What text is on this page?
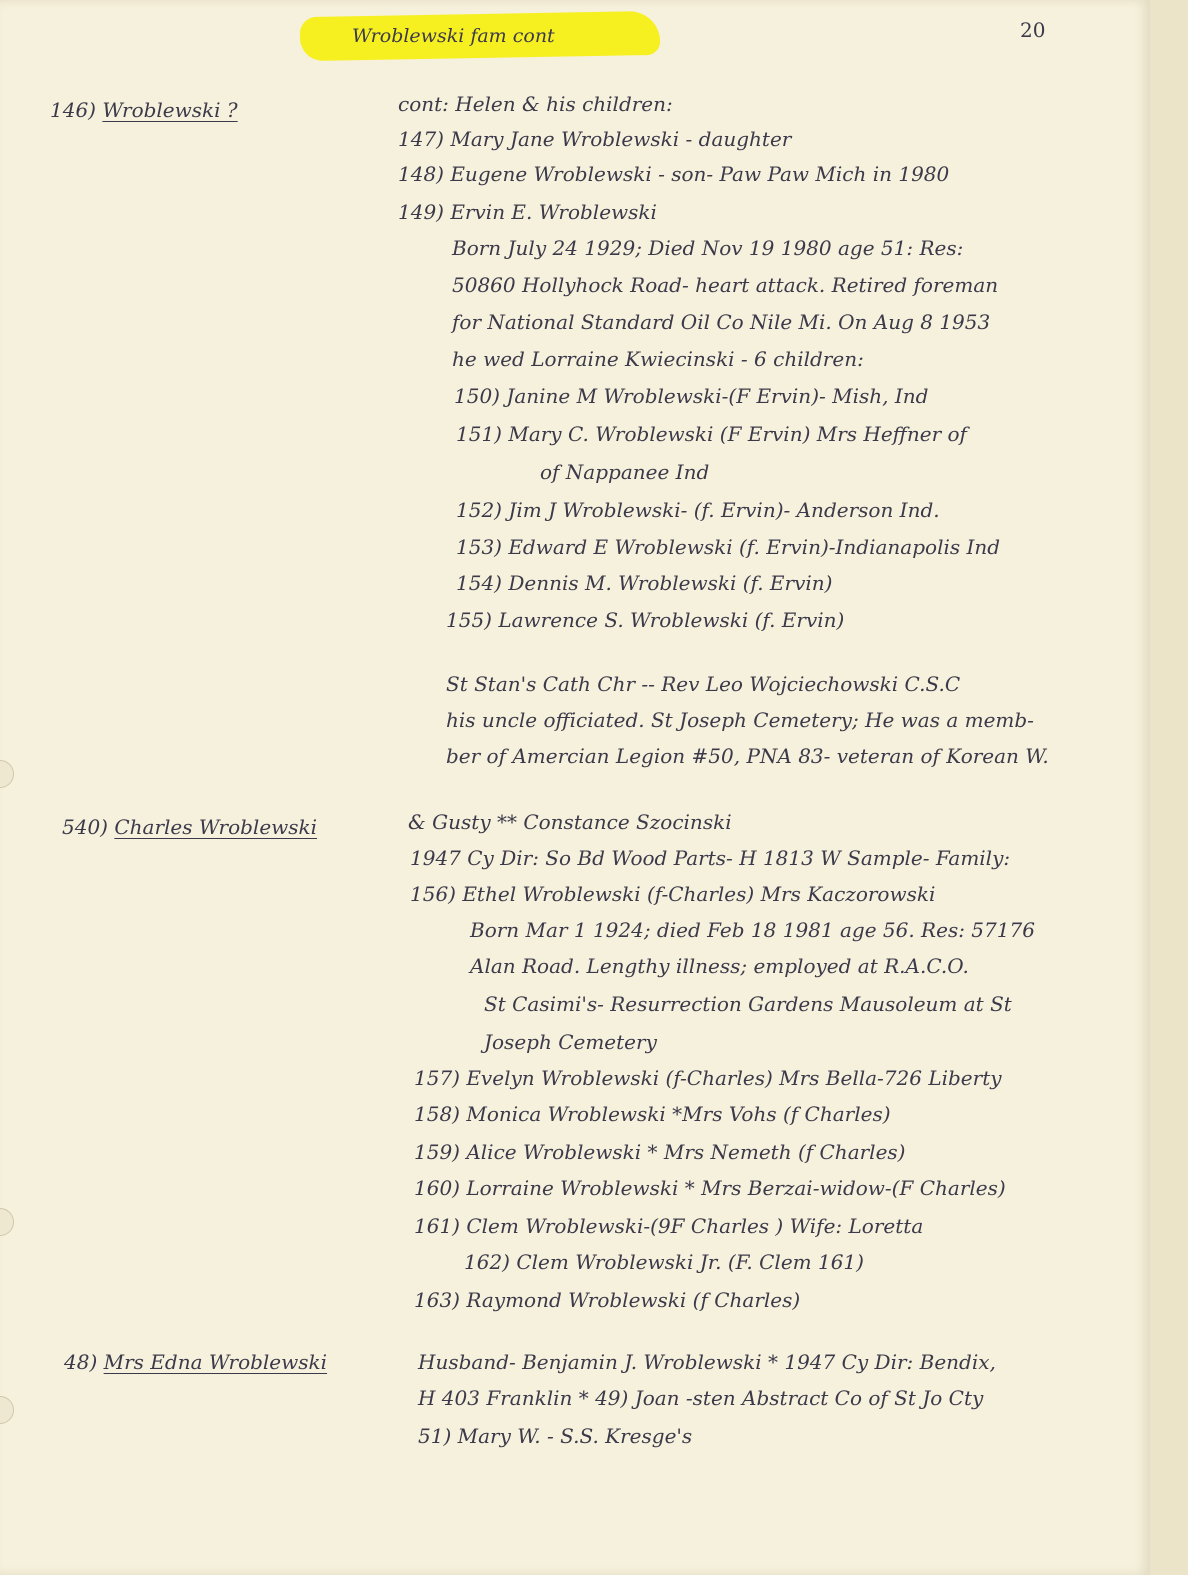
Wroblewski fam cont	20
146) Wroblewski ?
540) Charles Wroblewski
48) Mrs Edna Wroblewski
cont: Helen & his children:
147) Mary Jane Wroblewski - daughter
148) Eugene Wroblewski - son- Paw Paw Mich in 1980
149) Ervin E. Wroblewski
Born July 24 1929; Died Nov 19 1980 age 51: Res:
50860 Hollyhock Road- heart attack. Retired foreman
for National Standard Oil Co Nile Mi. On Aug 8 1953
he wed Lorraine Kwiecinski - 6 children:
150) Janine M Wroblewski-(F Ervin)- Mish, Ind
151) Mary C. Wroblewski (F Ervin) Mrs Heffner of
of Nappanee Ind
152) Jim J Wroblewski- (f. Ervin)- Anderson Ind.
153) Edward E Wroblewski (f. Ervin)-Indianapolis Ind
154) Dennis M. Wroblewski (f. Ervin)
155) Lawrence S. Wroblewski (f. Ervin)
St Stan's Cath Chr -- Rev Leo Wojciechowski C.S.C
his uncle officiated. St Joseph Cemetery; He was a memb-
ber of Amercian Legion #50, PNA 83- veteran of Korean W.
& Gusty ** Constance Szocinski
1947 Cy Dir: So Bd Wood Parts- H 1813 W Sample- Family:
156) Ethel Wroblewski (f-Charles) Mrs Kaczorowski
Born Mar 1 1924; died Feb 18 1981 age 56. Res: 57176
Alan Road. Lengthy illness; employed at R.A.C.O.
St Casimi's- Resurrection Gardens Mausoleum at St
Joseph Cemetery
157) Evelyn Wroblewski (f-Charles) Mrs Bella-726 Liberty
158) Monica Wroblewski *Mrs Vohs (f Charles)
159) Alice Wroblewski * Mrs Nemeth (f Charles)
160) Lorraine Wroblewski * Mrs Berzai-widow-(F Charles)
161) Clem Wroblewski-(9F Charles ) Wife: Loretta
162) Clem Wroblewski Jr. (F. Clem 161)
163) Raymond Wroblewski (f Charles)
Husband- Benjamin J. Wroblewski * 1947 Cy Dir: Bendix,
H 403 Franklin * 49) Joan -sten Abstract Co of St Jo Cty
51) Mary W. - S.S. Kresge's
